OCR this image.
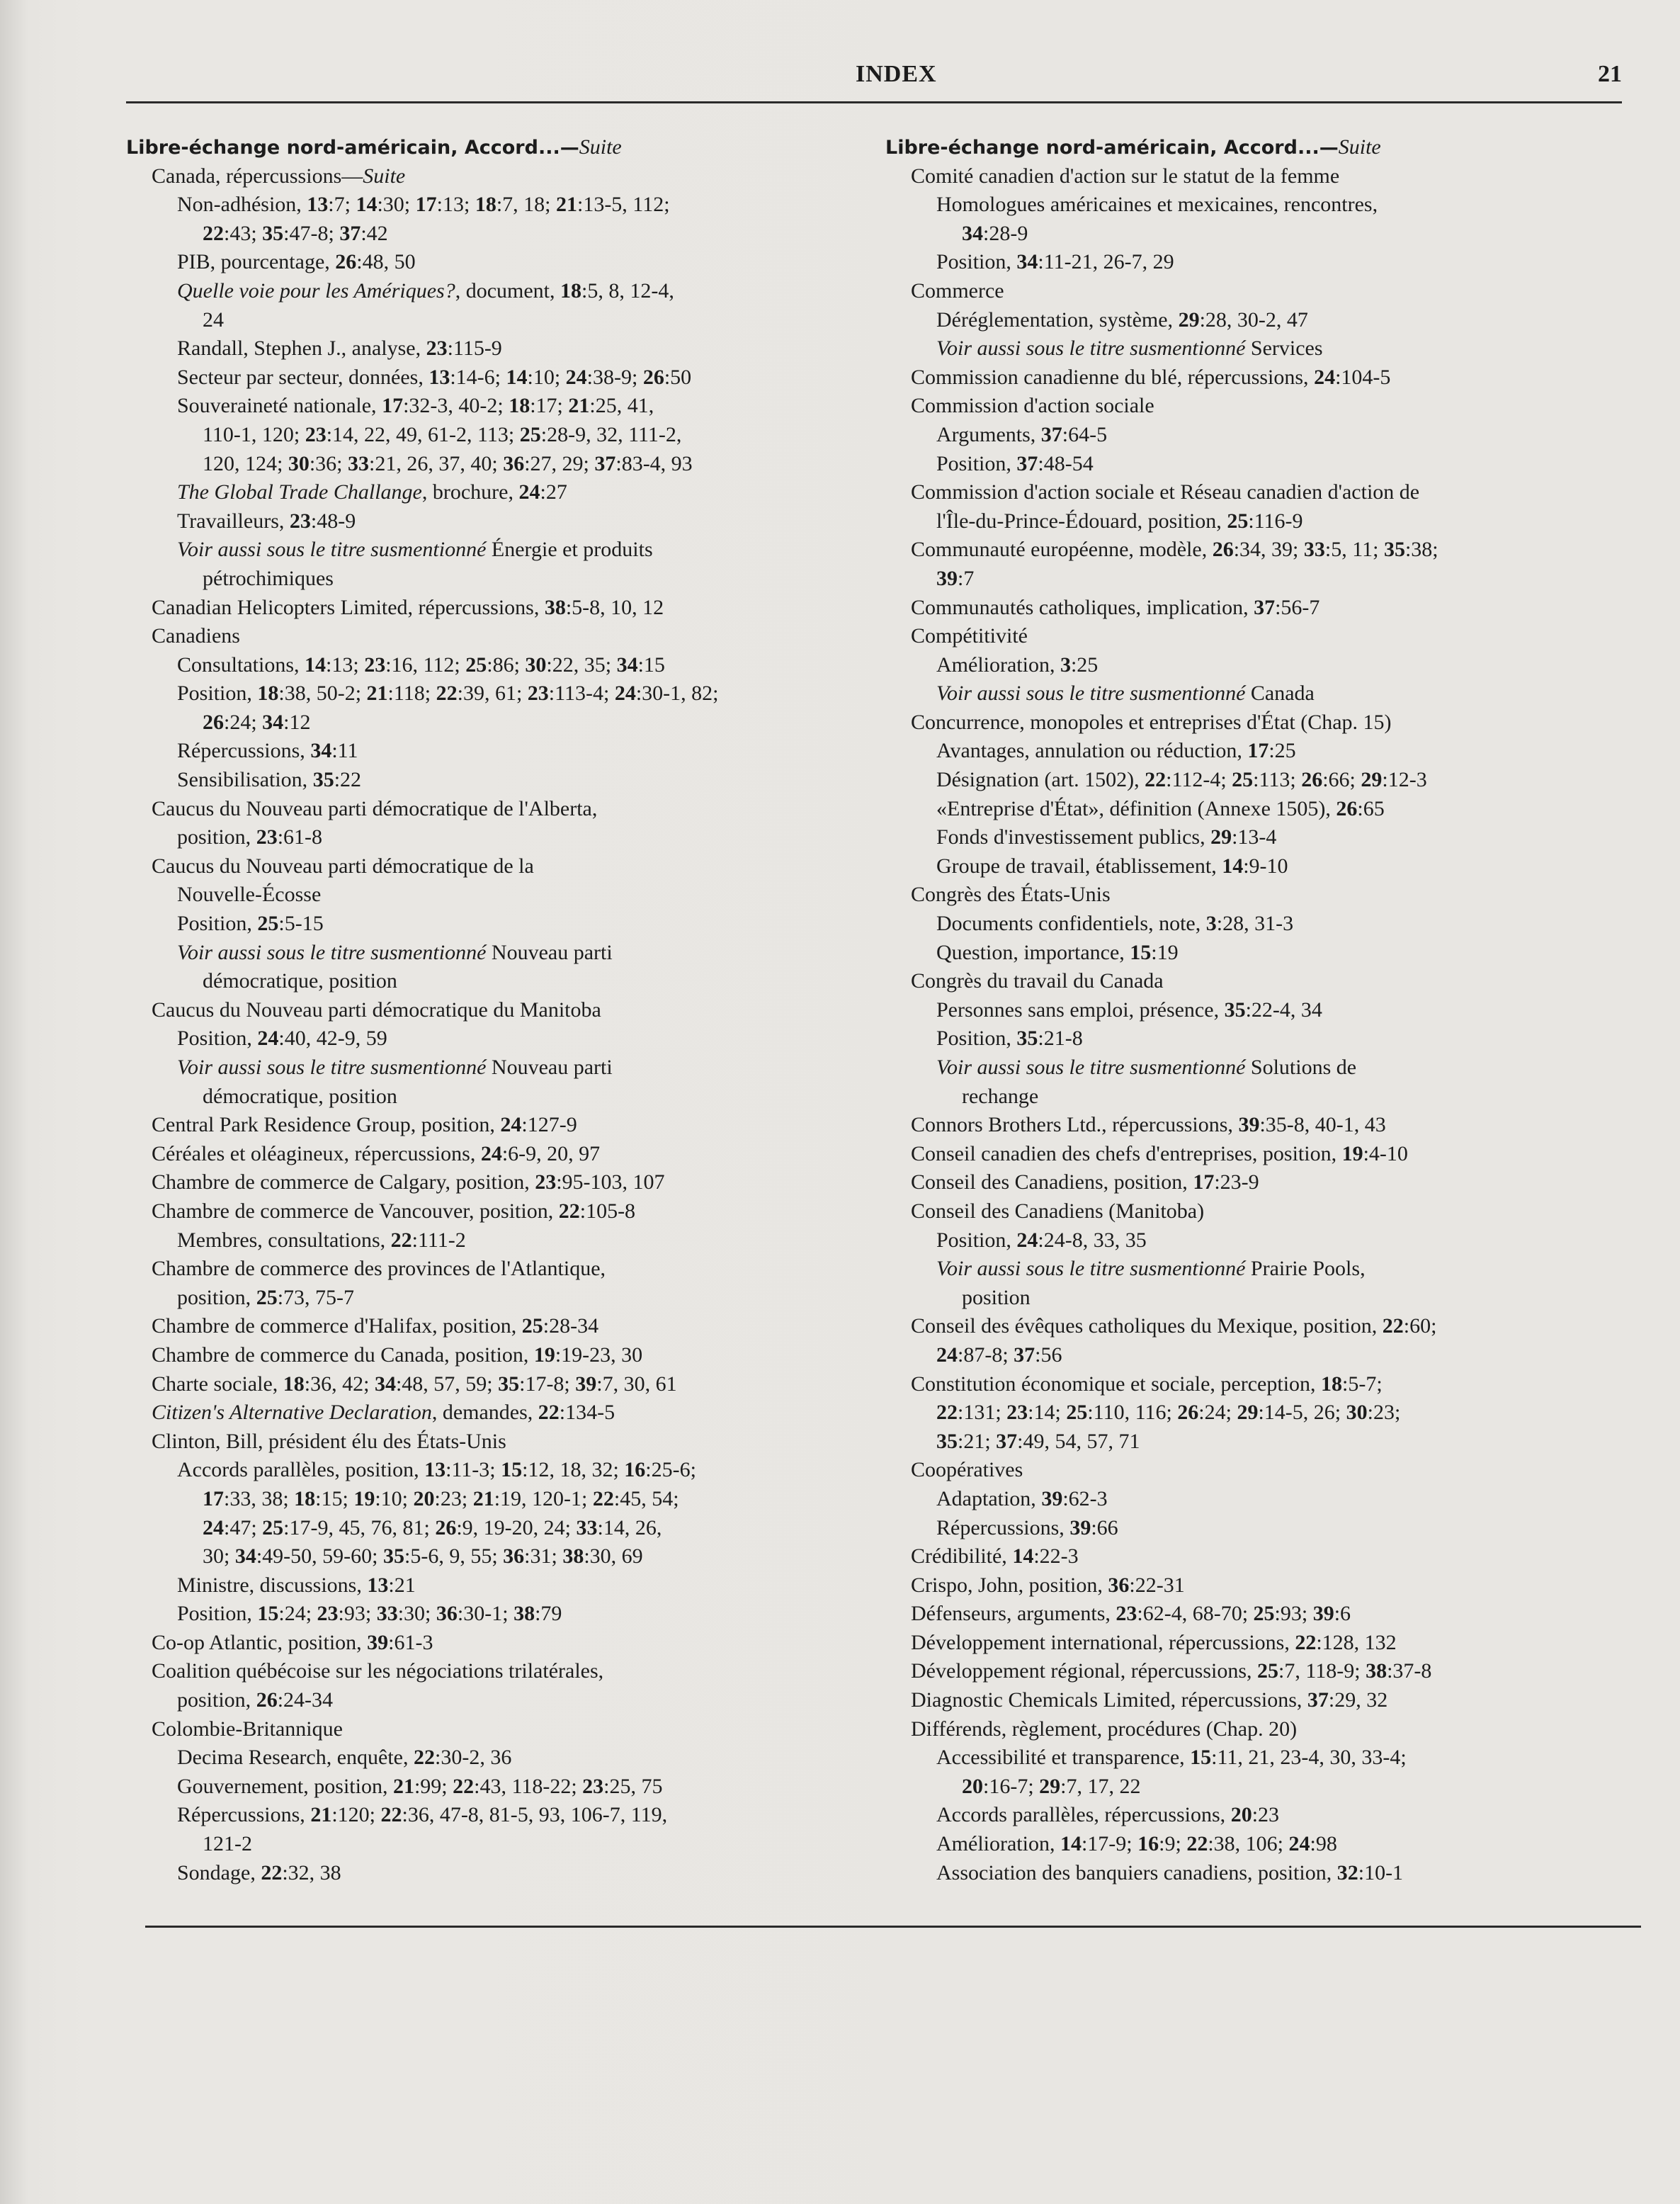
INDEX	21
Libre-échange nord-américain, Accord...—Suite
Canada, répercussions—Suite
Non-adhésion, 13:7; 14:30; 17:13; 18:7, 18; 21:13-5, 112;
22:43; 35:47-8; 37:42
PIB, pourcentage, 26:48, 50
Quelle voie pour les Amériques?, document, 18:5, 8, 12-4,
24
Randall, Stephen J., analyse, 23:115-9
Secteur par secteur, données, 13:14-6; 14:10; 24:38-9; 26:50
Souveraineté nationale, 17:32-3, 40-2; 18:17; 21:25, 41,
110-1, 120; 23:14, 22, 49, 61-2, 113; 25:28-9, 32, 111-2,
120, 124; 30:36; 33:21, 26, 37, 40; 36:27, 29; 37:83-4, 93
The Global Trade Challange, brochure, 24:27
Travailleurs, 23:48-9
Voir aussi sous le titre susmentionné Énergie et produits
pétrochimiques
Canadian Helicopters Limited, répercussions, 38:5-8, 10, 12
Canadiens
Consultations, 14:13; 23:16, 112; 25:86; 30:22, 35; 34:15
Position, 18:38, 50-2; 21:118; 22:39, 61; 23:113-4; 24:30-1, 82;
26:24; 34:12
Répercussions, 34:11
Sensibilisation, 35:22
Caucus du Nouveau parti démocratique de l'Alberta,
position, 23:61-8
Caucus du Nouveau parti démocratique de la
Nouvelle-Écosse
Position, 25:5-15
Voir aussi sous le titre susmentionné Nouveau parti
démocratique, position
Caucus du Nouveau parti démocratique du Manitoba
Position, 24:40, 42-9, 59
Voir aussi sous le titre susmentionné Nouveau parti
démocratique, position
Central Park Residence Group, position, 24:127-9
Céréales et oléagineux, répercussions, 24:6-9, 20, 97
Chambre de commerce de Calgary, position, 23:95-103, 107
Chambre de commerce de Vancouver, position, 22:105-8
Membres, consultations, 22:111-2
Chambre de commerce des provinces de l'Atlantique,
position, 25:73, 75-7
Chambre de commerce d'Halifax, position, 25:28-34
Chambre de commerce du Canada, position, 19:19-23, 30
Charte sociale, 18:36, 42; 34:48, 57, 59; 35:17-8; 39:7, 30, 61
Citizen's Alternative Declaration, demandes, 22:134-5
Clinton, Bill, président élu des États-Unis
Accords parallèles, position, 13:11-3; 15:12, 18, 32; 16:25-6;
17:33, 38; 18:15; 19:10; 20:23; 21:19, 120-1; 22:45, 54;
24:47; 25:17-9, 45, 76, 81; 26:9, 19-20, 24; 33:14, 26,
30; 34:49-50, 59-60; 35:5-6, 9, 55; 36:31; 38:30, 69
Ministre, discussions, 13:21
Position, 15:24; 23:93; 33:30; 36:30-1; 38:79
Co-op Atlantic, position, 39:61-3
Coalition québécoise sur les négociations trilatérales,
position, 26:24-34
Colombie-Britannique
Decima Research, enquête, 22:30-2, 36
Gouvernement, position, 21:99; 22:43, 118-22; 23:25, 75
Répercussions, 21:120; 22:36, 47-8, 81-5, 93, 106-7, 119,
121-2
Sondage, 22:32, 38
Libre-échange nord-américain, Accord...—Suite
Comité canadien d'action sur le statut de la femme
Homologues américaines et mexicaines, rencontres,
34:28-9
Position, 34:11-21, 26-7, 29
Commerce
Déréglementation, système, 29:28, 30-2, 47
Voir aussi sous le titre susmentionné Services
Commission canadienne du blé, répercussions, 24:104-5
Commission d'action sociale
Arguments, 37:64-5
Position, 37:48-54
Commission d'action sociale et Réseau canadien d'action de
l'Île-du-Prince-Édouard, position, 25:116-9
Communauté européenne, modèle, 26:34, 39; 33:5, 11; 35:38;
39:7
Communautés catholiques, implication, 37:56-7
Compétitivité
Amélioration, 3:25
Voir aussi sous le titre susmentionné Canada
Concurrence, monopoles et entreprises d'État (Chap. 15)
Avantages, annulation ou réduction, 17:25
Désignation (art. 1502), 22:112-4; 25:113; 26:66; 29:12-3
«Entreprise d'État», définition (Annexe 1505), 26:65
Fonds d'investissement publics, 29:13-4
Groupe de travail, établissement, 14:9-10
Congrès des États-Unis
Documents confidentiels, note, 3:28, 31-3
Question, importance, 15:19
Congrès du travail du Canada
Personnes sans emploi, présence, 35:22-4, 34
Position, 35:21-8
Voir aussi sous le titre susmentionné Solutions de
rechange
Connors Brothers Ltd., répercussions, 39:35-8, 40-1, 43
Conseil canadien des chefs d'entreprises, position, 19:4-10
Conseil des Canadiens, position, 17:23-9
Conseil des Canadiens (Manitoba)
Position, 24:24-8, 33, 35
Voir aussi sous le titre susmentionné Prairie Pools,
position
Conseil des évêques catholiques du Mexique, position, 22:60;
24:87-8; 37:56
Constitution économique et sociale, perception, 18:5-7;
22:131; 23:14; 25:110, 116; 26:24; 29:14-5, 26; 30:23;
35:21; 37:49, 54, 57, 71
Coopératives
Adaptation, 39:62-3
Répercussions, 39:66
Crédibilité, 14:22-3
Crispo, John, position, 36:22-31
Défenseurs, arguments, 23:62-4, 68-70; 25:93; 39:6
Développement international, répercussions, 22:128, 132
Développement régional, répercussions, 25:7, 118-9; 38:37-8
Diagnostic Chemicals Limited, répercussions, 37:29, 32
Différends, règlement, procédures (Chap. 20)
Accessibilité et transparence, 15:11, 21, 23-4, 30, 33-4;
20:16-7; 29:7, 17, 22
Accords parallèles, répercussions, 20:23
Amélioration, 14:17-9; 16:9; 22:38, 106; 24:98
Association des banquiers canadiens, position, 32:10-1
